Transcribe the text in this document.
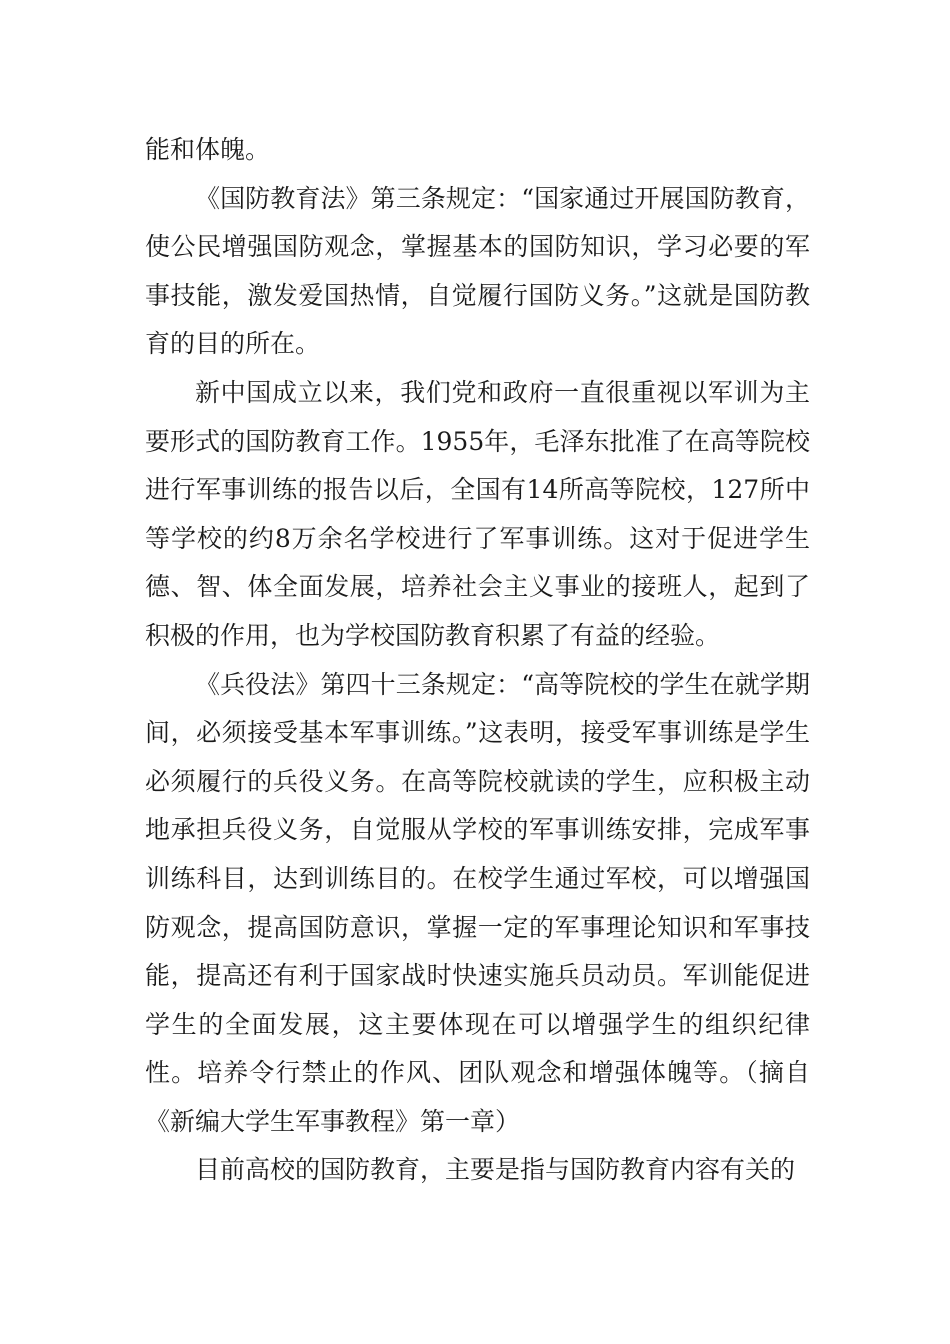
能和体魄。

《国防教育法》第三条规定：“国家通过开展国防教育，使公民增强国防观念，掌握基本的国防知识，学习必要的军事技能，激发爱国热情，自觉履行国防义务。”这就是国防教育的目的所在。

新中国成立以来，我们党和政府一直很重视以军训为主要形式的国防教育工作。1955年，毛泽东批准了在高等院校进行军事训练的报告以后，全国有14所高等院校，127所中等学校的约8万余名学校进行了军事训练。这对于促进学生德、智、体全面发展，培养社会主义事业的接班人，起到了积极的作用，也为学校国防教育积累了有益的经验。

《兵役法》第四十三条规定：“高等院校的学生在就学期间，必须接受基本军事训练。”这表明，接受军事训练是学生必须履行的兵役义务。在高等院校就读的学生，应积极主动地承担兵役义务，自觉服从学校的军事训练安排，完成军事训练科目，达到训练目的。在校学生通过军校，可以增强国防观念，提高国防意识，掌握一定的军事理论知识和军事技能，提高还有利于国家战时快速实施兵员动员。军训能促进学生的全面发展，这主要体现在可以增强学生的组织纪律性。培养令行禁止的作风、团队观念和增强体魄等。（摘自《新编大学生军事教程》第一章）

目前高校的国防教育，主要是指与国防教育内容有关的
